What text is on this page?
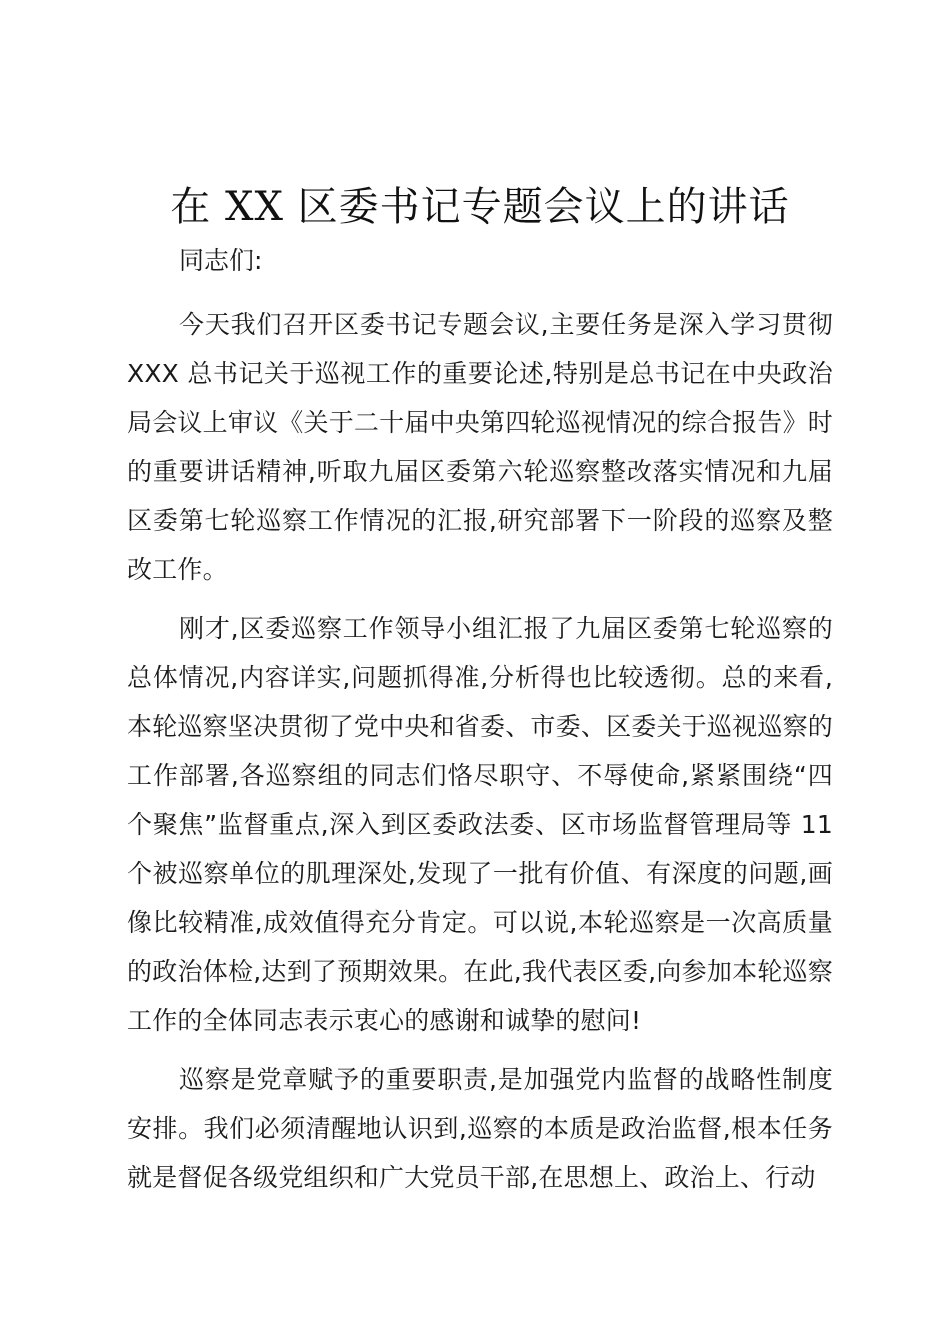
在 XX 区委书记专题会议上的讲话

同志们:

今天我们召开区委书记专题会议,主要任务是深入学习贯彻 XXX 总书记关于巡视工作的重要论述,特别是总书记在中央政治局会议上审议《关于二十届中央第四轮巡视情况的综合报告》时的重要讲话精神,听取九届区委第六轮巡察整改落实情况和九届区委第七轮巡察工作情况的汇报,研究部署下一阶段的巡察及整改工作。

刚才,区委巡察工作领导小组汇报了九届区委第七轮巡察的总体情况,内容详实,问题抓得准,分析得也比较透彻。总的来看,本轮巡察坚决贯彻了党中央和省委、市委、区委关于巡视巡察的工作部署,各巡察组的同志们恪尽职守、不辱使命,紧紧围绕“四个聚焦”监督重点,深入到区委政法委、区市场监督管理局等 11 个被巡察单位的肌理深处,发现了一批有价值、有深度的问题,画像比较精准,成效值得充分肯定。可以说,本轮巡察是一次高质量的政治体检,达到了预期效果。在此,我代表区委,向参加本轮巡察工作的全体同志表示衷心的感谢和诚挚的慰问!

巡察是党章赋予的重要职责,是加强党内监督的战略性制度安排。我们必须清醒地认识到,巡察的本质是政治监督,根本任务就是督促各级党组织和广大党员干部,在思想上、政治上、行动
